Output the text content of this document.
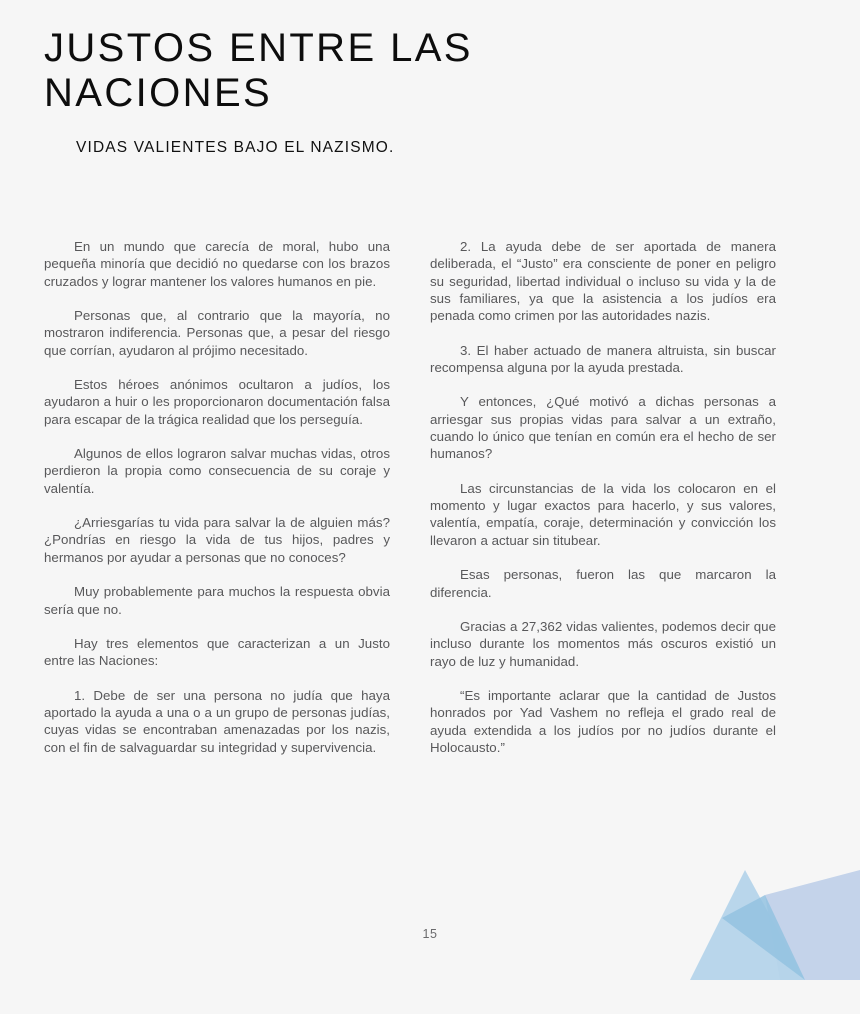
JUSTOS ENTRE LAS NACIONES
VIDAS VALIENTES BAJO EL NAZISMO.

En un mundo que carecía de moral, hubo una pequeña minoría que decidió no quedarse con los brazos cruzados y lograr mantener los valores humanos en pie.

Personas que, al contrario que la mayoría, no mostraron indiferencia. Personas que, a pesar del riesgo que corrían, ayudaron al prójimo necesitado.

Estos héroes anónimos ocultaron a judíos, los ayudaron a huir o les proporcionaron documentación falsa para escapar de la trágica realidad que los perseguía.

Algunos de ellos lograron salvar muchas vidas, otros perdieron la propia como consecuencia de su coraje y valentía.

¿Arriesgarías tu vida para salvar la de alguien más? ¿Pondrías en riesgo la vida de tus hijos, padres y hermanos por ayudar a personas que no conoces?

Muy probablemente para muchos la respuesta obvia sería que no.

Hay tres elementos que caracterizan a un Justo entre las Naciones:

1. Debe de ser una persona no judía que haya aportado la ayuda a una o a un grupo de personas judías, cuyas vidas se encontraban amenazadas por los nazis, con el fin de salvaguardar su integridad y supervivencia.

2. La ayuda debe de ser aportada de manera deliberada, el “Justo” era consciente de poner en peligro su seguridad, libertad individual o incluso su vida y la de sus familiares, ya que la asistencia a los judíos era penada como crimen por las autoridades nazis.

3. El haber actuado de manera altruista, sin buscar recompensa alguna por la ayuda prestada.

Y entonces, ¿Qué motivó a dichas personas a arriesgar sus propias vidas para salvar a un extraño, cuando lo único que tenían en común era el hecho de ser humanos?

Las circunstancias de la vida los colocaron en el momento y lugar exactos para hacerlo, y sus valores, valentía, empatía, coraje, determinación y convicción los llevaron a actuar sin titubear.

Esas personas, fueron las que marcaron la diferencia.

Gracias a 27,362 vidas valientes, podemos decir que incluso durante los momentos más oscuros existió un rayo de luz y humanidad.

“Es importante aclarar que la cantidad de Justos honrados por Yad Vashem no refleja el grado real de ayuda extendida a los judíos por no judíos durante el Holocausto.”

15
